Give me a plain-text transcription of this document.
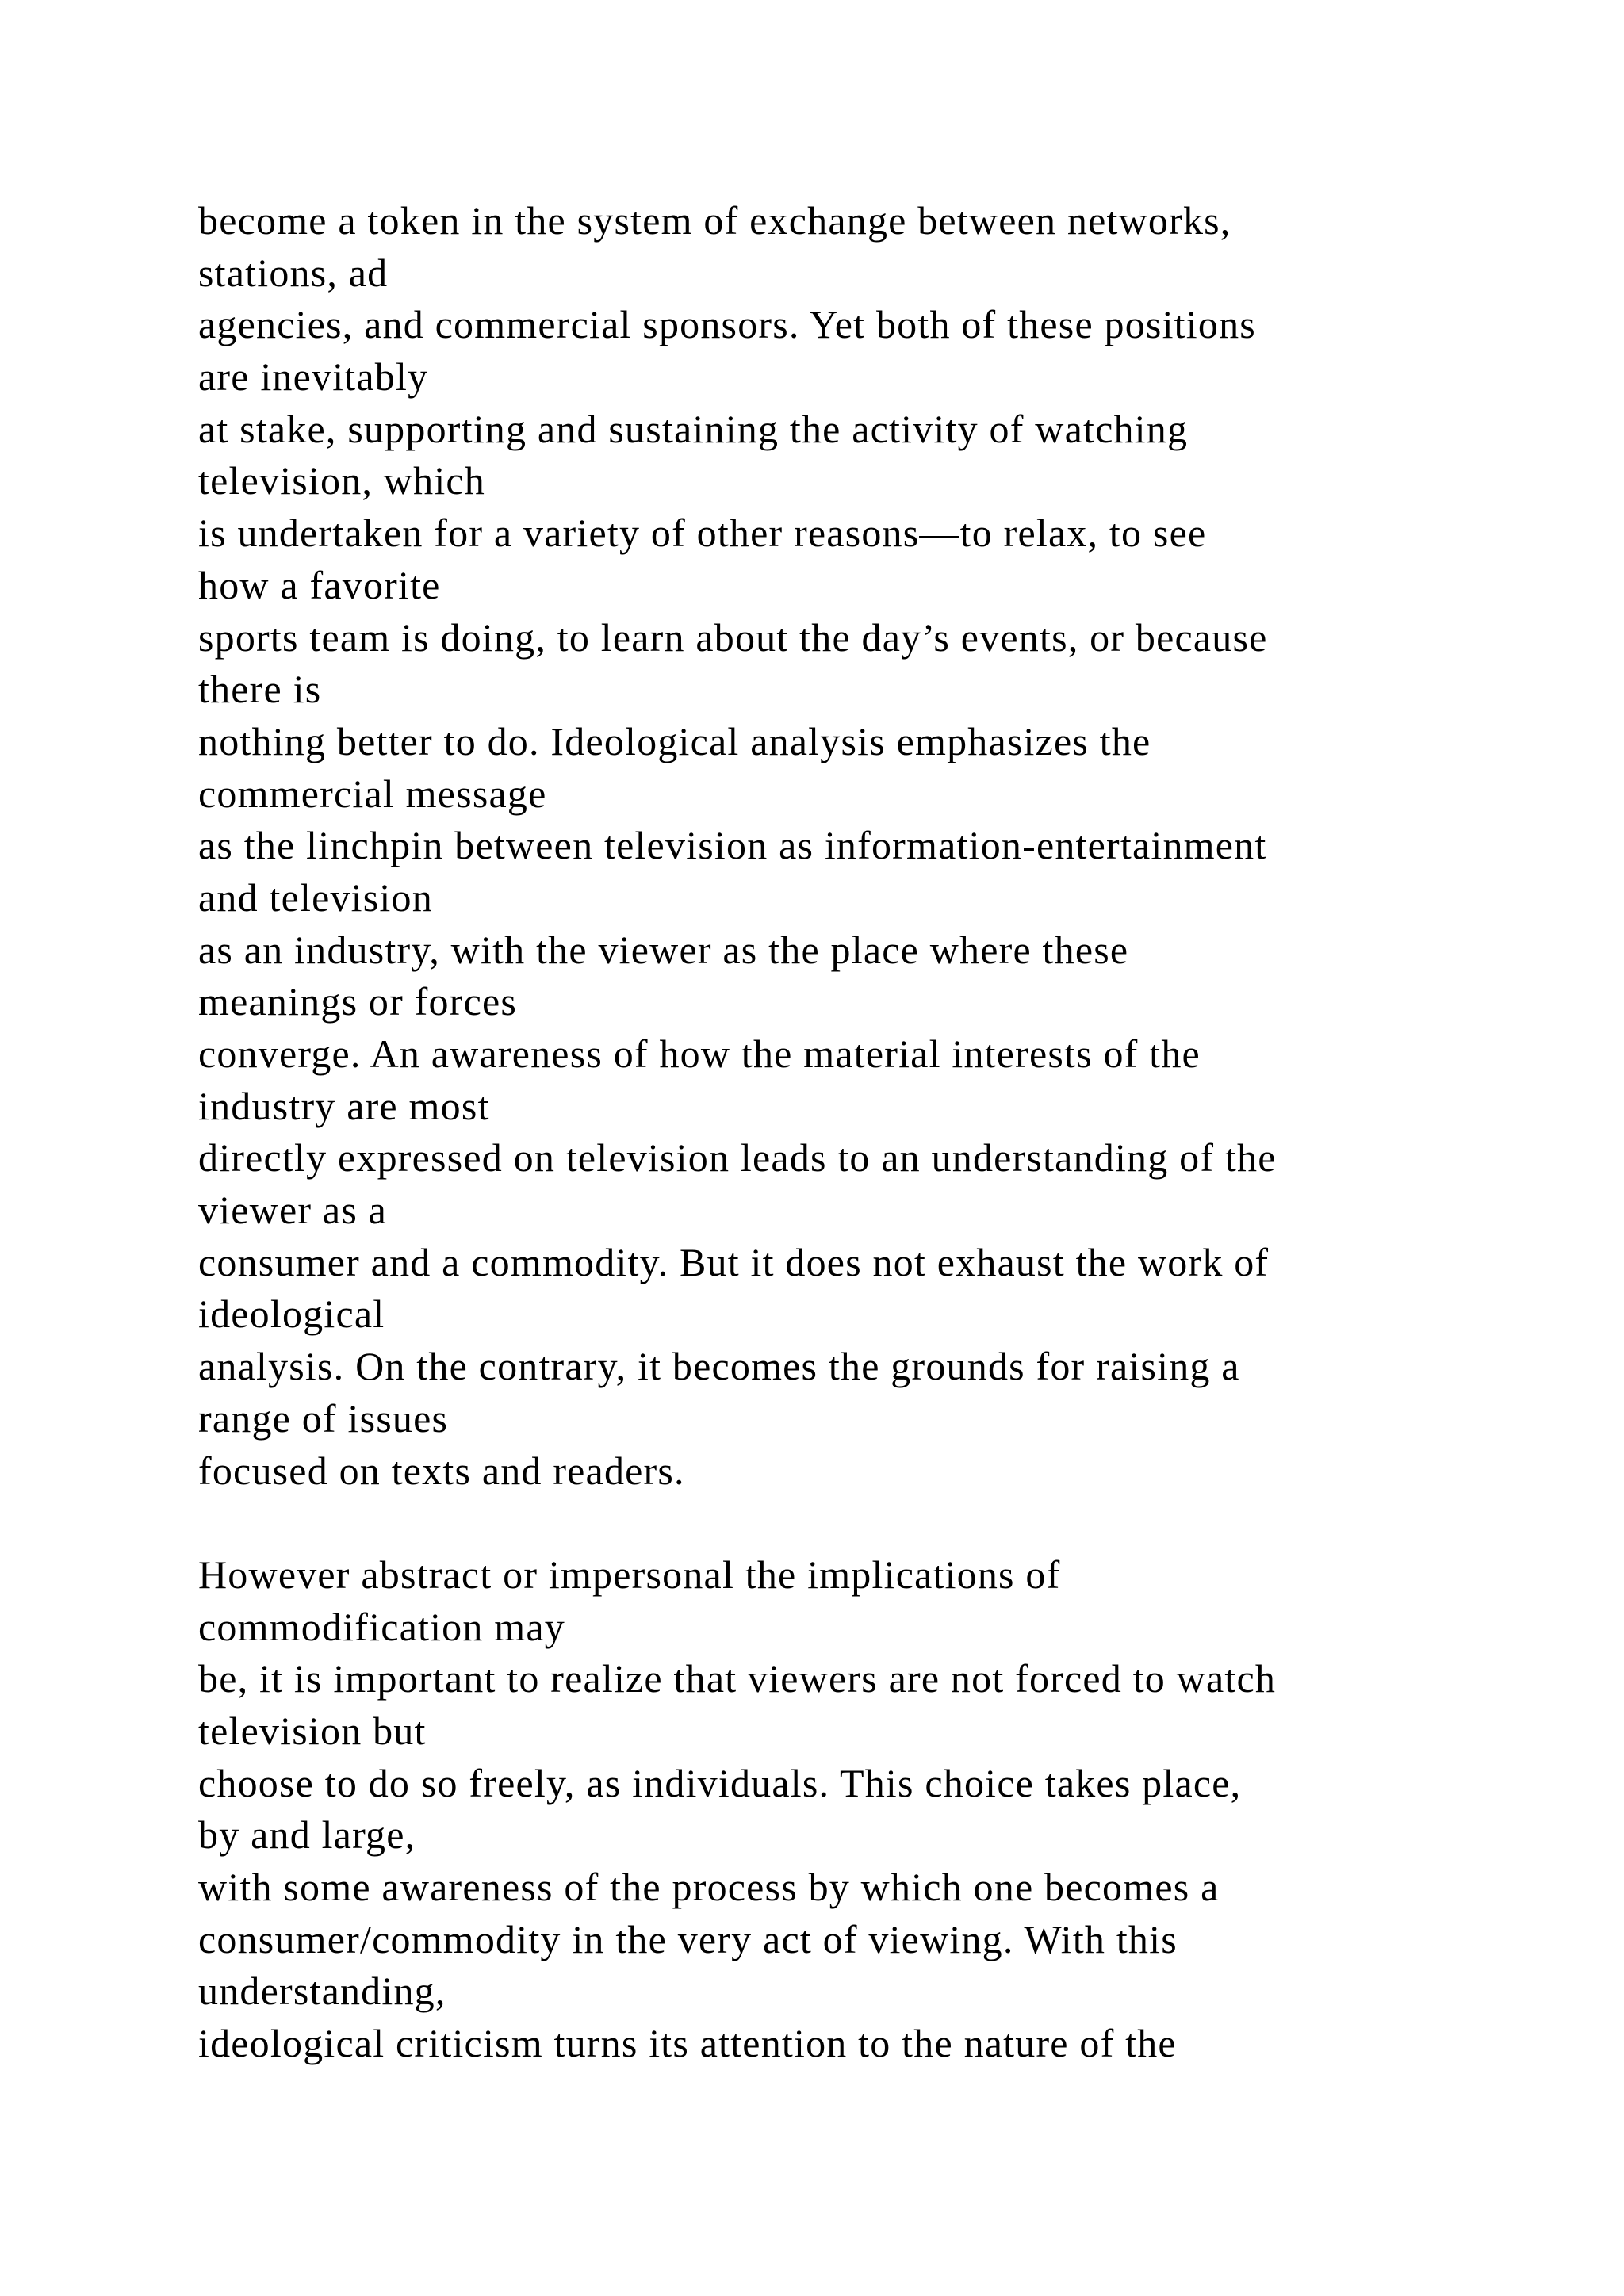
become a token in the system of exchange between networks,
stations, ad
agencies, and commercial sponsors. Yet both of these positions
are inevitably
at stake, supporting and sustaining the activity of watching
television, which
is undertaken for a variety of other reasons—to relax, to see
how a favorite
sports team is doing, to learn about the day’s events, or because
there is
nothing better to do. Ideological analysis emphasizes the
commercial message
as the linchpin between television as information-entertainment
and television
as an industry, with the viewer as the place where these
meanings or forces
converge. An awareness of how the material interests of the
industry are most
directly expressed on television leads to an understanding of the
viewer as a
consumer and a commodity. But it does not exhaust the work of
ideological
analysis. On the contrary, it becomes the grounds for raising a
range of issues
focused on texts and readers.
However abstract or impersonal the implications of
commodification may
be, it is important to realize that viewers are not forced to watch
television but
choose to do so freely, as individuals. This choice takes place,
by and large,
with some awareness of the process by which one becomes a
consumer/commodity in the very act of viewing. With this
understanding,
ideological criticism turns its attention to the nature of the
